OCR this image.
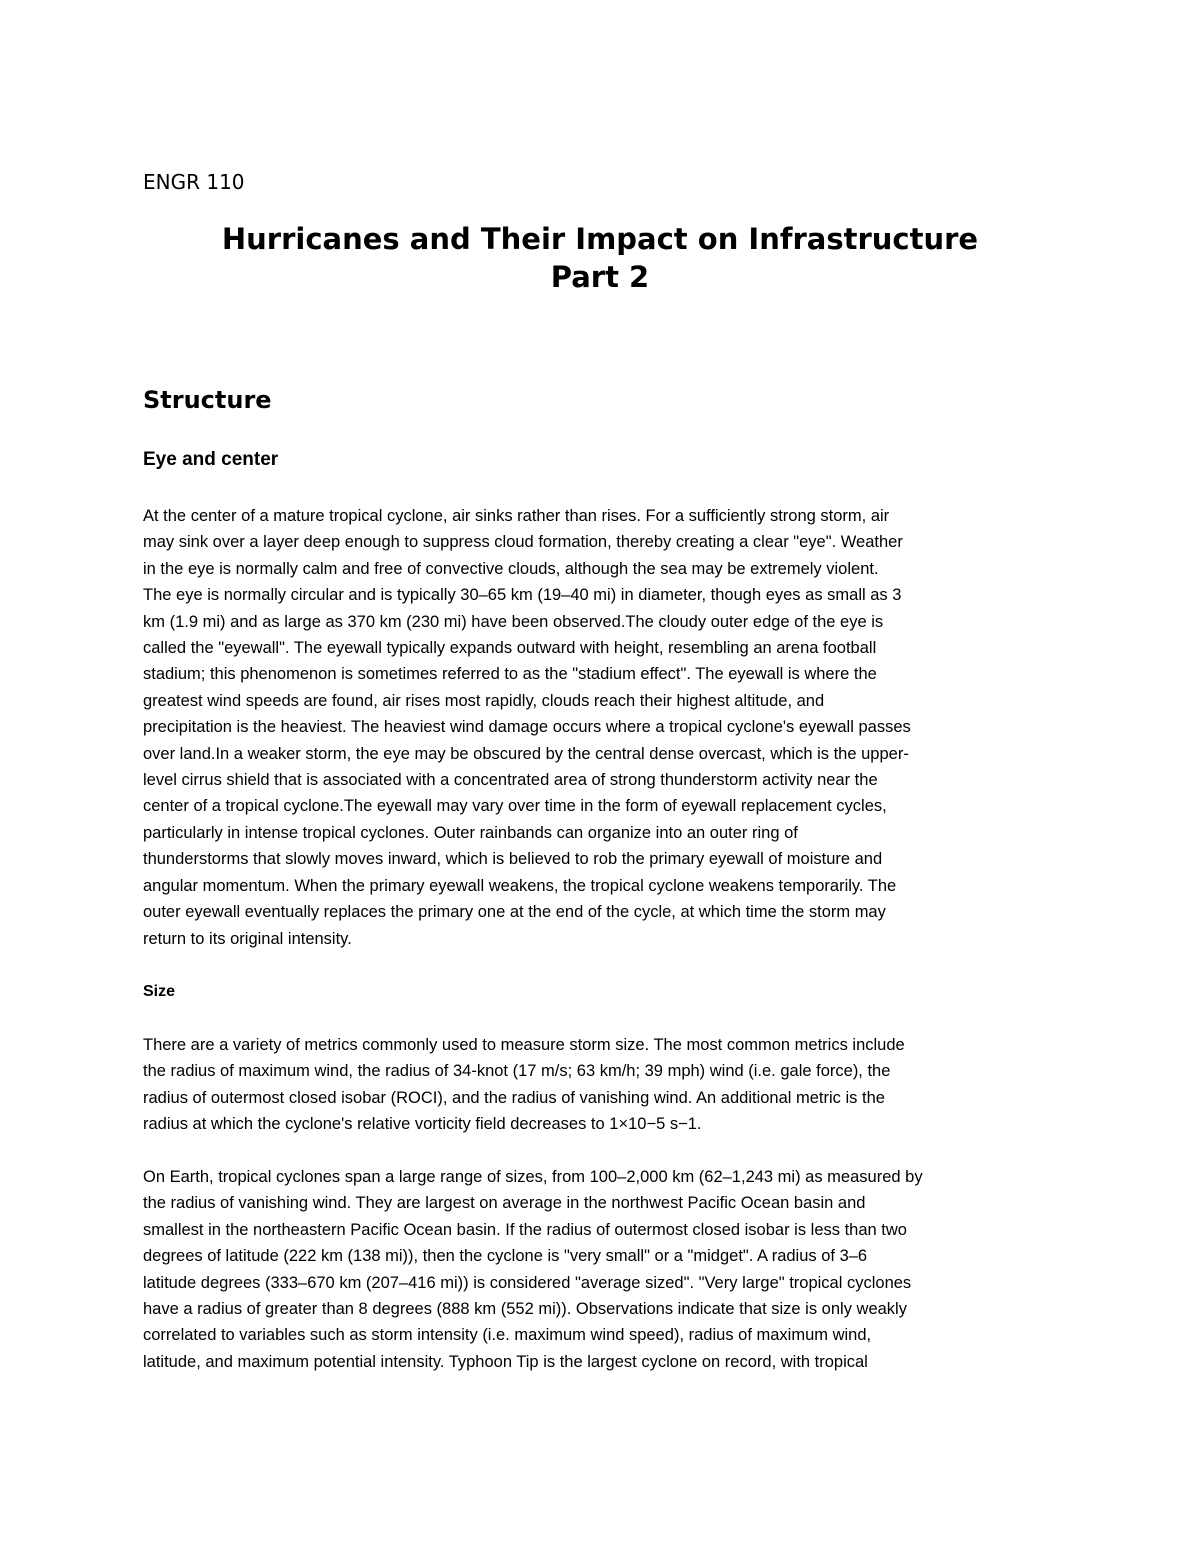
ENGR 110

Hurricanes and Their Impact on Infrastructure
Part 2
Structure
Eye and center
At the center of a mature tropical cyclone, air sinks rather than rises. For a sufficiently strong storm, air
may sink over a layer deep enough to suppress cloud formation, thereby creating a clear "eye". Weather
in the eye is normally calm and free of convective clouds, although the sea may be extremely violent.
The eye is normally circular and is typically 30–65 km (19–40 mi) in diameter, though eyes as small as 3
km (1.9 mi) and as large as 370 km (230 mi) have been observed.The cloudy outer edge of the eye is
called the "eyewall". The eyewall typically expands outward with height, resembling an arena football
stadium; this phenomenon is sometimes referred to as the "stadium effect". The eyewall is where the
greatest wind speeds are found, air rises most rapidly, clouds reach their highest altitude, and
precipitation is the heaviest. The heaviest wind damage occurs where a tropical cyclone's eyewall passes
over land.In a weaker storm, the eye may be obscured by the central dense overcast, which is the upper-
level cirrus shield that is associated with a concentrated area of strong thunderstorm activity near the
center of a tropical cyclone.The eyewall may vary over time in the form of eyewall replacement cycles,
particularly in intense tropical cyclones. Outer rainbands can organize into an outer ring of
thunderstorms that slowly moves inward, which is believed to rob the primary eyewall of moisture and
angular momentum. When the primary eyewall weakens, the tropical cyclone weakens temporarily. The
outer eyewall eventually replaces the primary one at the end of the cycle, at which time the storm may
return to its original intensity.
Size
There are a variety of metrics commonly used to measure storm size. The most common metrics include
the radius of maximum wind, the radius of 34-knot (17 m/s; 63 km/h; 39 mph) wind (i.e. gale force), the
radius of outermost closed isobar (ROCI), and the radius of vanishing wind. An additional metric is the
radius at which the cyclone's relative vorticity field decreases to 1×10−5 s−1.
On Earth, tropical cyclones span a large range of sizes, from 100–2,000 km (62–1,243 mi) as measured by
the radius of vanishing wind. They are largest on average in the northwest Pacific Ocean basin and
smallest in the northeastern Pacific Ocean basin. If the radius of outermost closed isobar is less than two
degrees of latitude (222 km (138 mi)), then the cyclone is "very small" or a "midget". A radius of 3–6
latitude degrees (333–670 km (207–416 mi)) is considered "average sized". "Very large" tropical cyclones
have a radius of greater than 8 degrees (888 km (552 mi)). Observations indicate that size is only weakly
correlated to variables such as storm intensity (i.e. maximum wind speed), radius of maximum wind,
latitude, and maximum potential intensity. Typhoon Tip is the largest cyclone on record, with tropical
